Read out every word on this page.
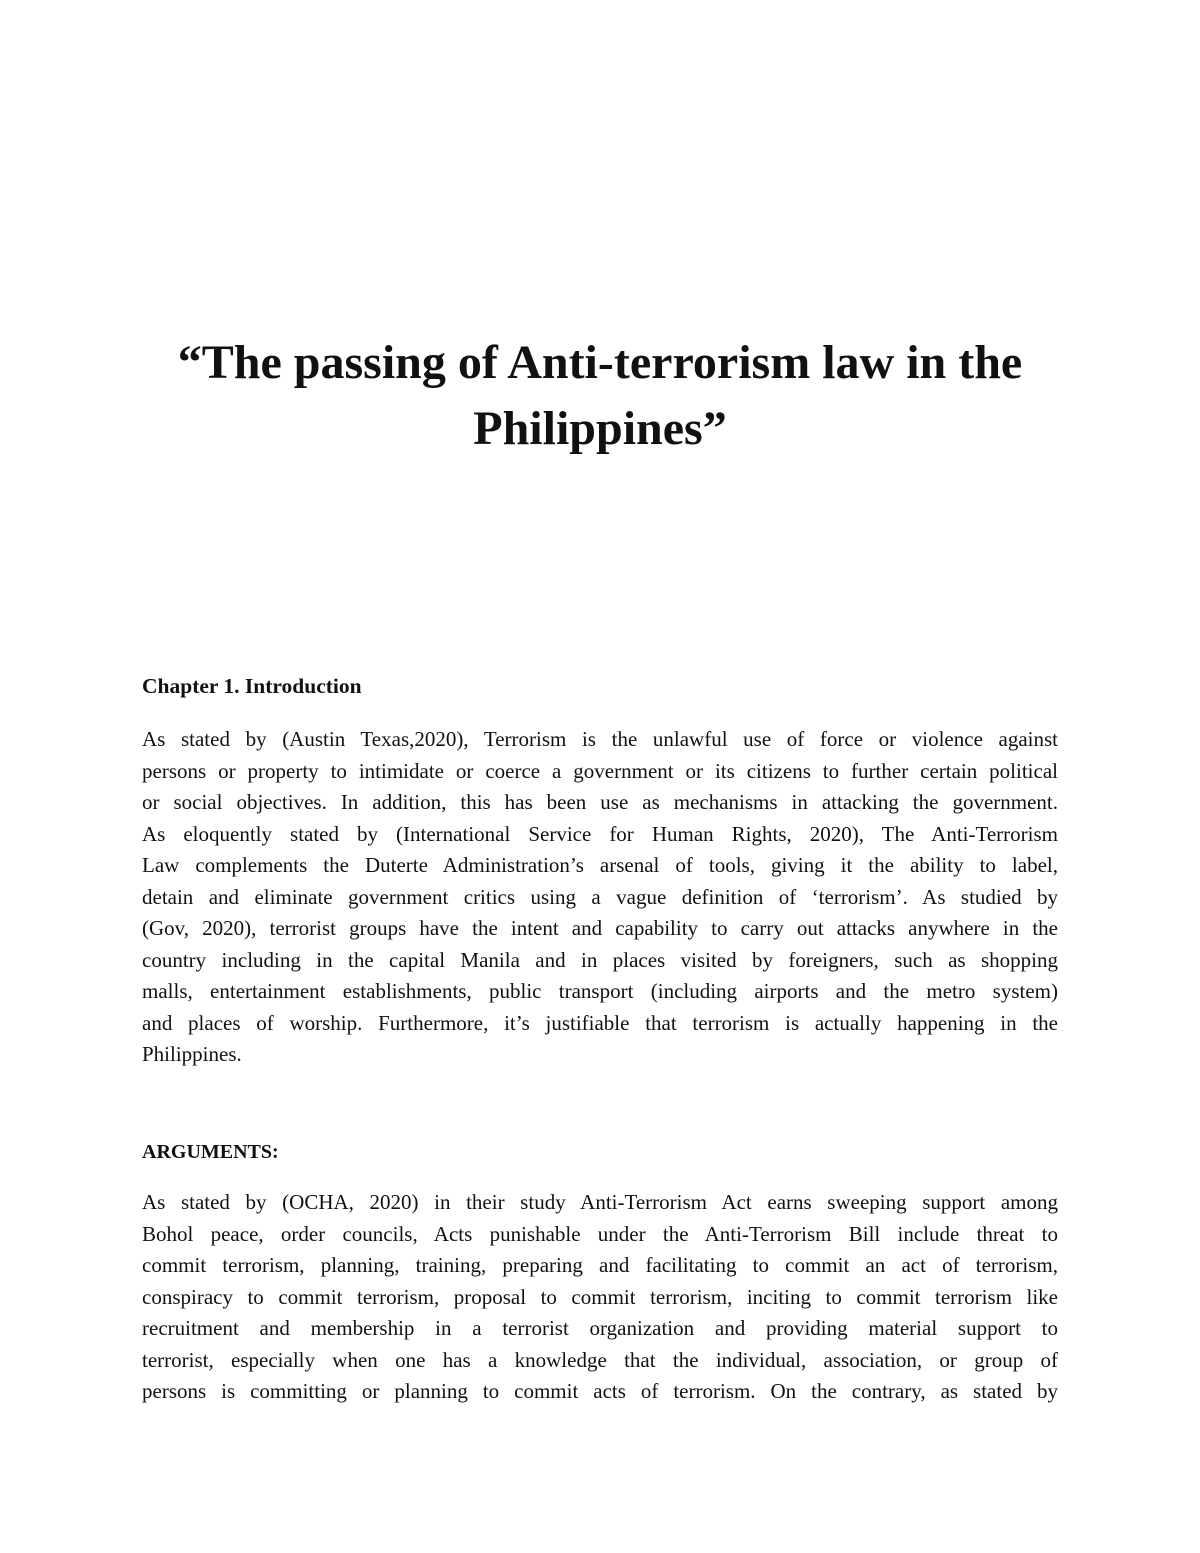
“The passing of Anti-terrorism law in the
Philippines”
Chapter 1. Introduction

As stated by (Austin Texas,2020), Terrorism is the unlawful use of force or violence against
persons or property to intimidate or coerce a government or its citizens to further certain political
or social objectives. In addition, this has been use as mechanisms in attacking the government.
As eloquently stated by (International Service for Human Rights, 2020), The Anti-Terrorism
Law complements the Duterte Administration’s arsenal of tools, giving it the ability to label,
detain and eliminate government critics using a vague definition of ‘terrorism’. As studied by
(Gov, 2020), terrorist groups have the intent and capability to carry out attacks anywhere in the
country including in the capital Manila and in places visited by foreigners, such as shopping
malls, entertainment establishments, public transport (including airports and the metro system)
and places of worship. Furthermore, it’s justifiable that terrorism is actually happening in the
Philippines.

ARGUMENTS:

As stated by (OCHA, 2020) in their study Anti-Terrorism Act earns sweeping support among
Bohol peace, order councils, Acts punishable under the Anti-Terrorism Bill include threat to
commit terrorism, planning, training, preparing and facilitating to commit an act of terrorism,
conspiracy to commit terrorism, proposal to commit terrorism, inciting to commit terrorism like
recruitment and membership in a terrorist organization and providing material support to
terrorist, especially when one has a knowledge that the individual, association, or group of
persons is committing or planning to commit acts of terrorism. On the contrary, as stated by
